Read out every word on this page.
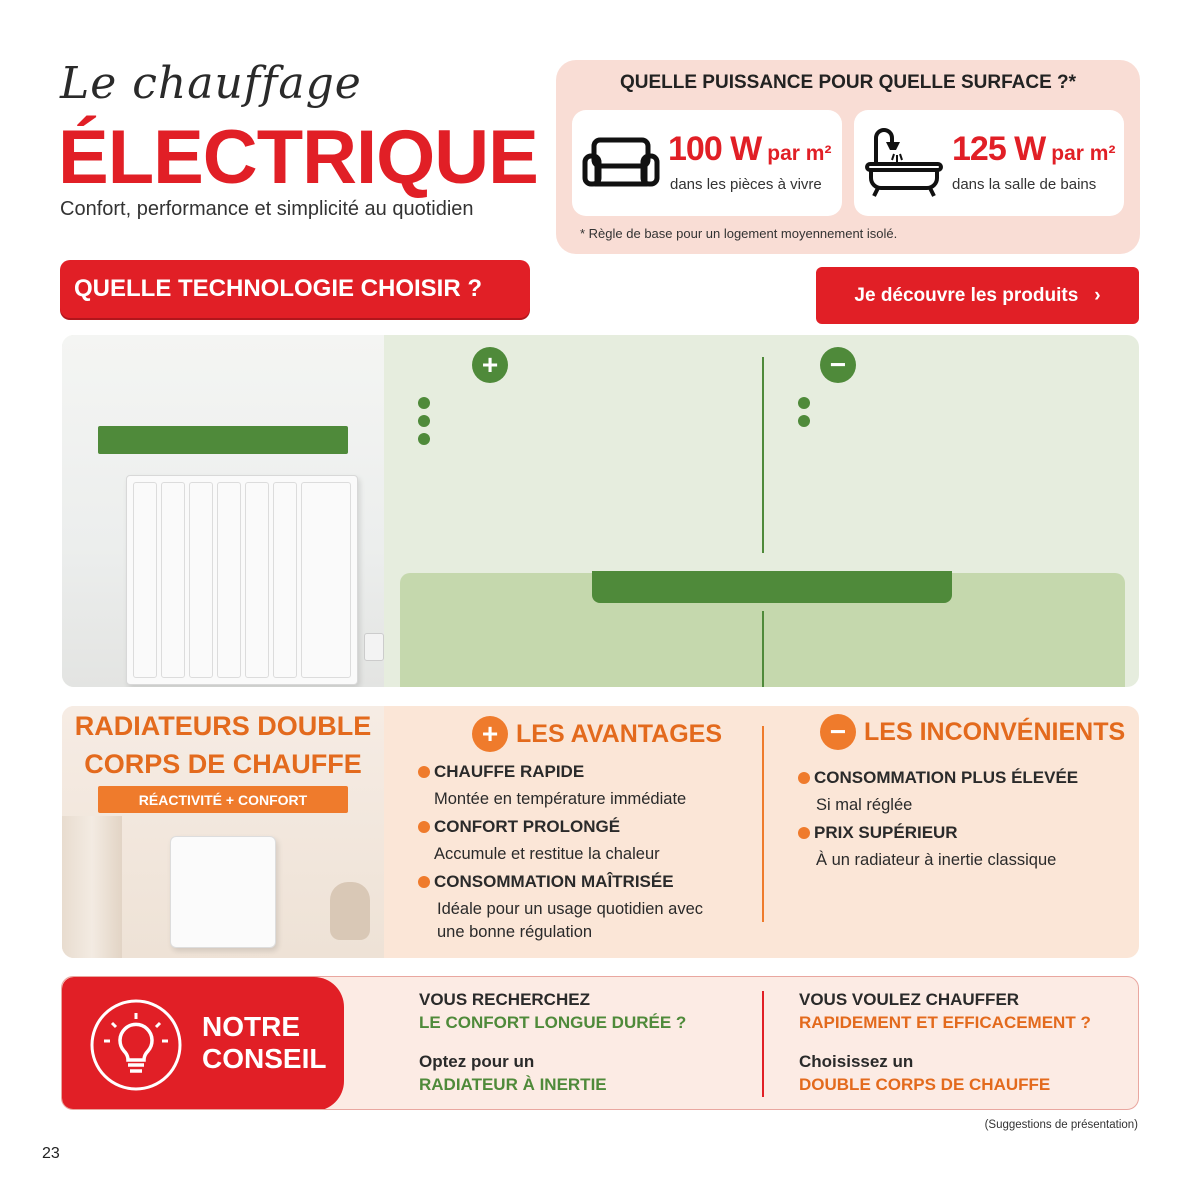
Le chauffage
ÉLECTRIQUE
Confort, performance et simplicité au quotidien
QUELLE PUISSANCE POUR QUELLE SURFACE ?*
100 W par m²
dans les pièces à vivre
125 W par m²
dans la salle de bains
* Règle de base pour un logement moyennement isolé.
QUELLE TECHNOLOGIE CHOISIR ?	Je découvre les produits ›
+	−
RADIATEURS DOUBLE
CORPS DE CHAUFFE
RÉACTIVITÉ + CONFORT
+ LES AVANTAGES
CHAUFFE RAPIDE
Montée en température immédiate
CONFORT PROLONGÉ
Accumule et restitue la chaleur
CONSOMMATION MAÎTRISÉE
Idéale pour un usage quotidien avec
une bonne régulation
− LES INCONVÉNIENTS
CONSOMMATION PLUS ÉLEVÉE
Si mal réglée
PRIX SUPÉRIEUR
À un radiateur à inertie classique
NOTRE
CONSEIL
VOUS RECHERCHEZ
LE CONFORT LONGUE DURÉE ?
Optez pour un
RADIATEUR À INERTIE
VOUS VOULEZ CHAUFFER
RAPIDEMENT ET EFFICACEMENT ?
Choisissez un
DOUBLE CORPS DE CHAUFFE
(Suggestions de présentation)
23
